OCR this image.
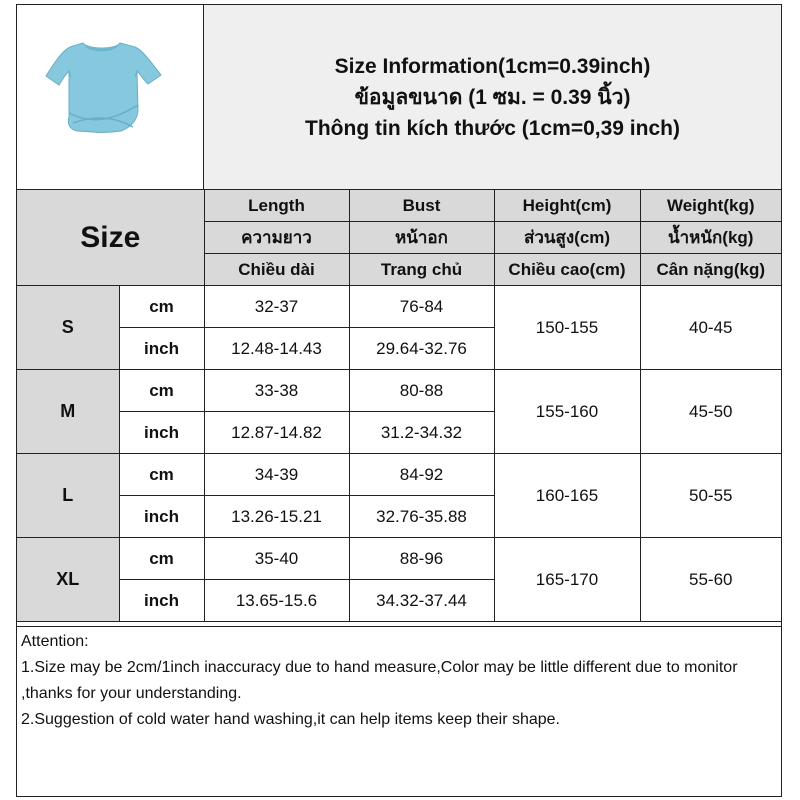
Size Information(1cm=0.39inch)
ข้อมูลขนาด (1 ซม. = 0.39 นิ้ว)
Thông tin kích thước (1cm=0,39 inch)
Size		Length	Bust	Height(cm)	Weight(kg)
		ความยาว	หน้าอก	ส่วนสูง(cm)	น้ำหนัก(kg)
		Chiều dài	Trang chủ	Chiều cao(cm)	Cân nặng(kg)
S	cm	32-37	76-84	150-155	40-45
	inch	12.48-14.43	29.64-32.76		
M	cm	33-38	80-88	155-160	45-50
	inch	12.87-14.82	31.2-34.32		
L	cm	34-39	84-92	160-165	50-55
	inch	13.26-15.21	32.76-35.88		
XL	cm	35-40	88-96	165-170	55-60
	inch	13.65-15.6	34.32-37.44		

Attention:

1.Size may be 2cm/1inch inaccuracy due to hand measure,Color may be little different due to monitor ,thanks for your understanding.

2.Suggestion of cold water hand washing,it can help items keep their shape.
